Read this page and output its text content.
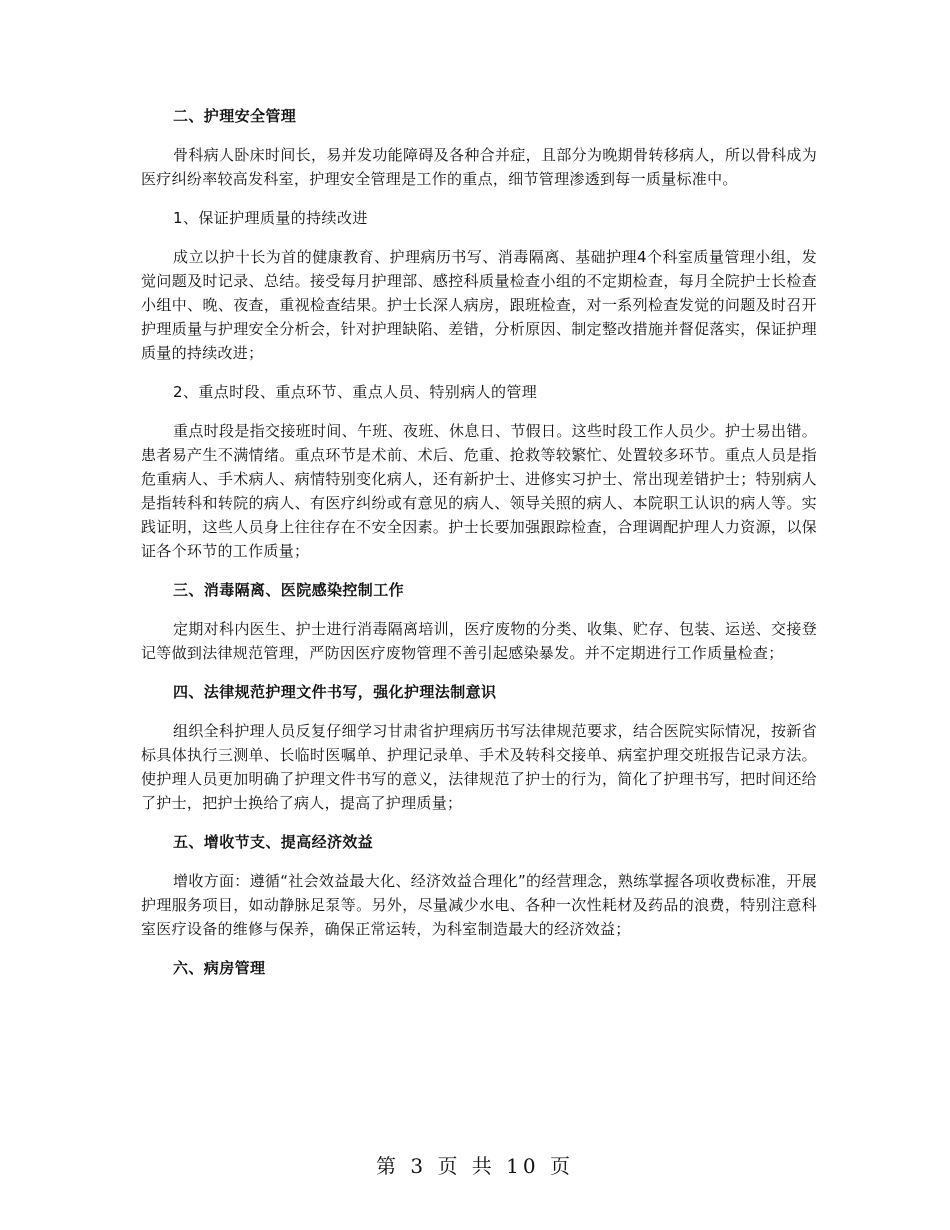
二、护理安全管理

骨科病人卧床时间长，易并发功能障碍及各种合并症，且部分为晚期骨转移病人，所以骨科成为医疗纠纷率较高发科室，护理安全管理是工作的重点，细节管理渗透到每一质量标准中。

1、保证护理质量的持续改进

成立以护十长为首的健康教育、护理病历书写、消毒隔离、基础护理4个科室质量管理小组，发觉问题及时记录、总结。接受每月护理部、感控科质量检查小组的不定期检查，每月全院护士长检查小组中、晚、夜查，重视检查结果。护士长深人病房，跟班检查，对一系列检查发觉的问题及时召开护理质量与护理安全分析会，针对护理缺陷、差错，分析原因、制定整改措施并督促落实，保证护理质量的持续改进；

2、重点时段、重点环节、重点人员、特别病人的管理

重点时段是指交接班时间、午班、夜班、休息日、节假日。这些时段工作人员少。护士易出错。患者易产生不满情绪。重点环节是术前、术后、危重、抢救等较繁忙、处置较多环节。重点人员是指危重病人、手术病人、病情特别变化病人，还有新护士、进修实习护士、常出现差错护士；特别病人是指转科和转院的病人、有医疗纠纷或有意见的病人、领导关照的病人、本院职工认识的病人等。实践证明，这些人员身上往往存在不安全因素。护士长要加强跟踪检查，合理调配护理人力资源，以保证各个环节的工作质量；

三、消毒隔离、医院感染控制工作

定期对科内医生、护士进行消毒隔离培训，医疗废物的分类、收集、贮存、包装、运送、交接登记等做到法律规范管理，严防因医疗废物管理不善引起感染暴发。并不定期进行工作质量检查；

四、法律规范护理文件书写，强化护理法制意识

组织全科护理人员反复仔细学习甘肃省护理病历书写法律规范要求，结合医院实际情况，按新省标具体执行三测单、长临时医嘱单、护理记录单、手术及转科交接单、病室护理交班报告记录方法。使护理人员更加明确了护理文件书写的意义，法律规范了护士的行为，简化了护理书写，把时间还给了护士，把护士换给了病人，提高了护理质量；

五、增收节支、提高经济效益

增收方面：遵循“社会效益最大化、经济效益合理化”的经营理念，熟练掌握各项收费标准，开展护理服务项目，如动静脉足泵等。另外，尽量减少水电、各种一次性耗材及药品的浪费，特别注意科室医疗设备的维修与保养，确保正常运转，为科室制造最大的经济效益；

六、病房管理

第 3 页 共 10 页
